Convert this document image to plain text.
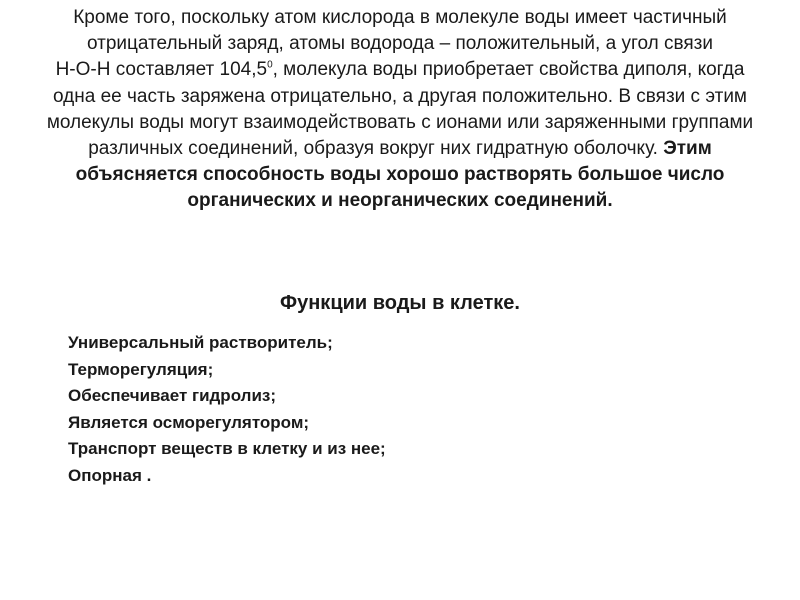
Кроме того, поскольку атом кислорода в молекуле воды имеет частичный отрицательный заряд, атомы водорода – положительный, а угол связи
Н-О-Н составляет 104,5$^0$, молекула воды приобретает свойства диполя, когда одна ее часть заряжена отрицательно, а другая положительно. В связи с этим молекулы воды могут взаимодействовать с ионами или заряженными группами различных соединений, образуя вокруг них гидратную оболочку. Этим объясняется способность воды хорошо растворять большое число органических и неорганических соединений.

Функции воды в клетке.
Универсальный растворитель;
Терморегуляция;
Обеспечивает гидролиз;
Является осморегулятором;
Транспорт веществ в клетку и из нее;
Опорная .
